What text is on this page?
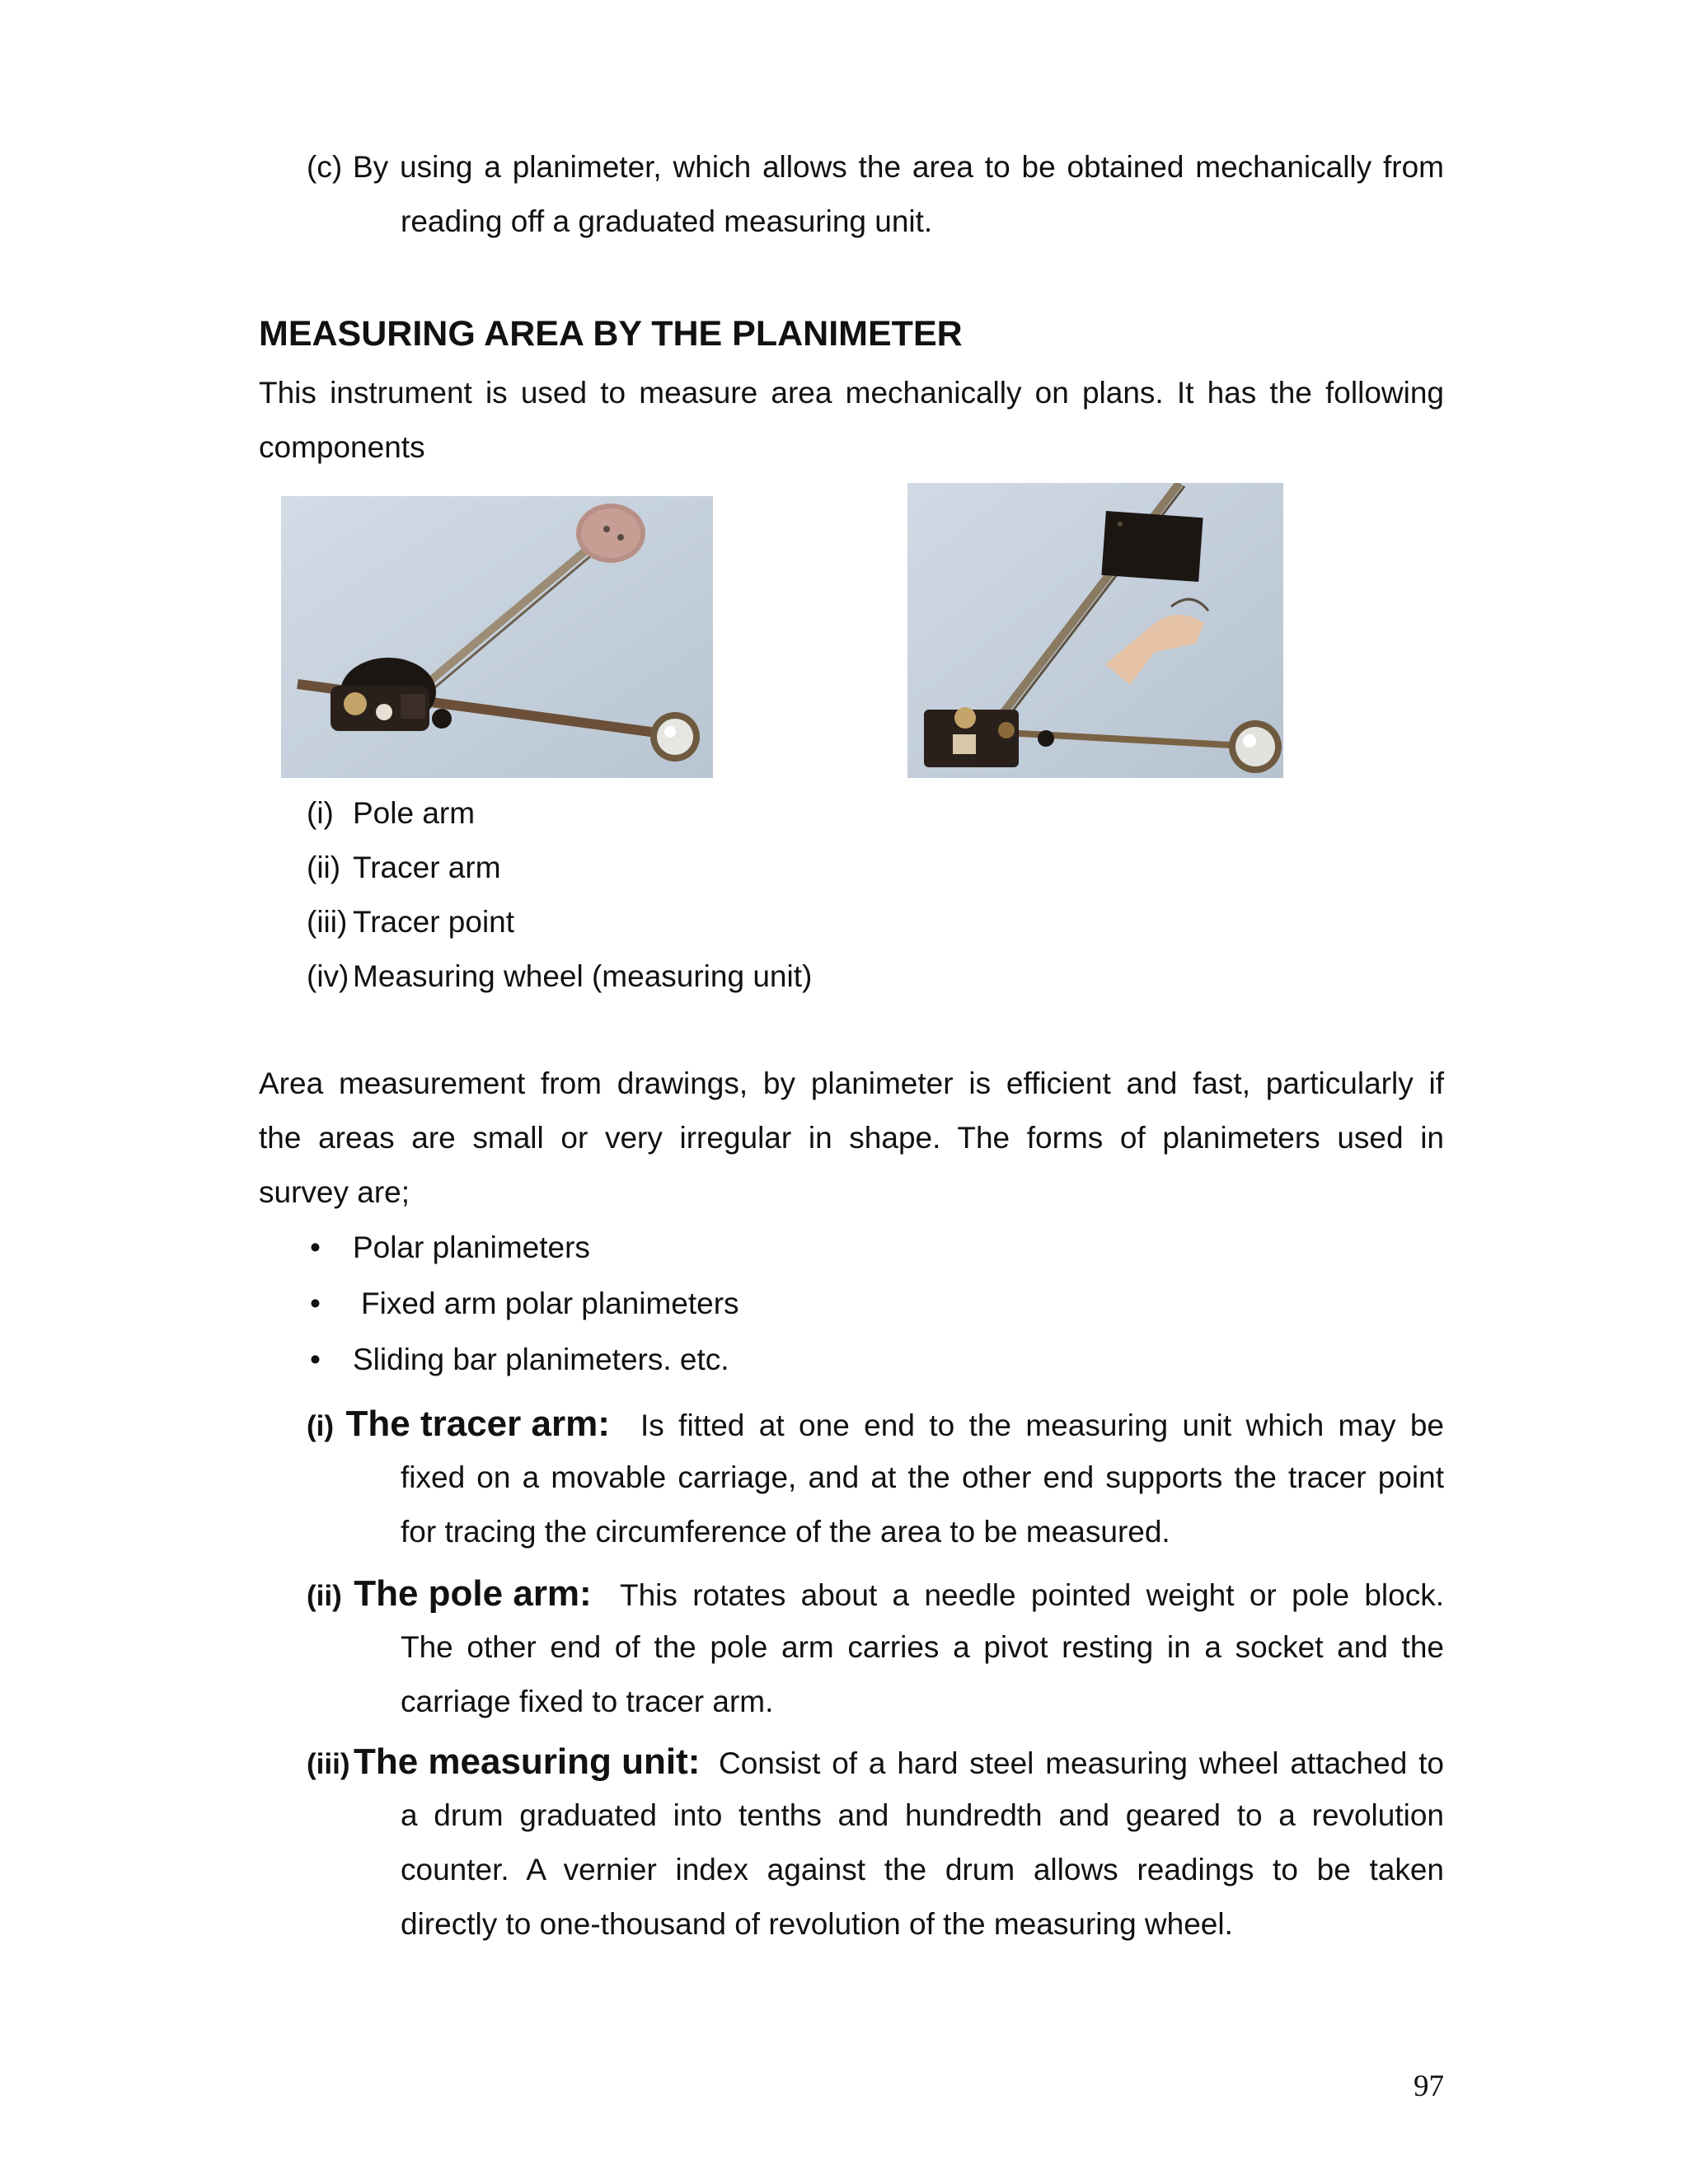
(c) By using a planimeter, which allows the area to be obtained mechanically from
reading off a graduated measuring unit.
MEASURING AREA BY THE PLANIMETER
This instrument is used to measure area mechanically on plans. It has the following
components
(i) Pole arm
(ii) Tracer arm
(iii) Tracer point
(iv) Measuring wheel (measuring unit)
Area measurement from drawings, by planimeter is efficient and fast, particularly if
the areas are small or very irregular in shape. The forms of planimeters used in
survey are;
• Polar planimeters
• Fixed arm polar planimeters
• Sliding bar planimeters. etc.
(i) The tracer arm: Is fitted at one end to the measuring unit which may be
fixed on a movable carriage, and at the other end supports the tracer point
for tracing the circumference of the area to be measured.
(ii) The pole arm: This rotates about a needle pointed weight or pole block.
The other end of the pole arm carries a pivot resting in a socket and the
carriage fixed to tracer arm.
(iii) The measuring unit: Consist of a hard steel measuring wheel attached to
a drum graduated into tenths and hundredth and geared to a revolution
counter. A vernier index against the drum allows readings to be taken
directly to one-thousand of revolution of the measuring wheel.
97
